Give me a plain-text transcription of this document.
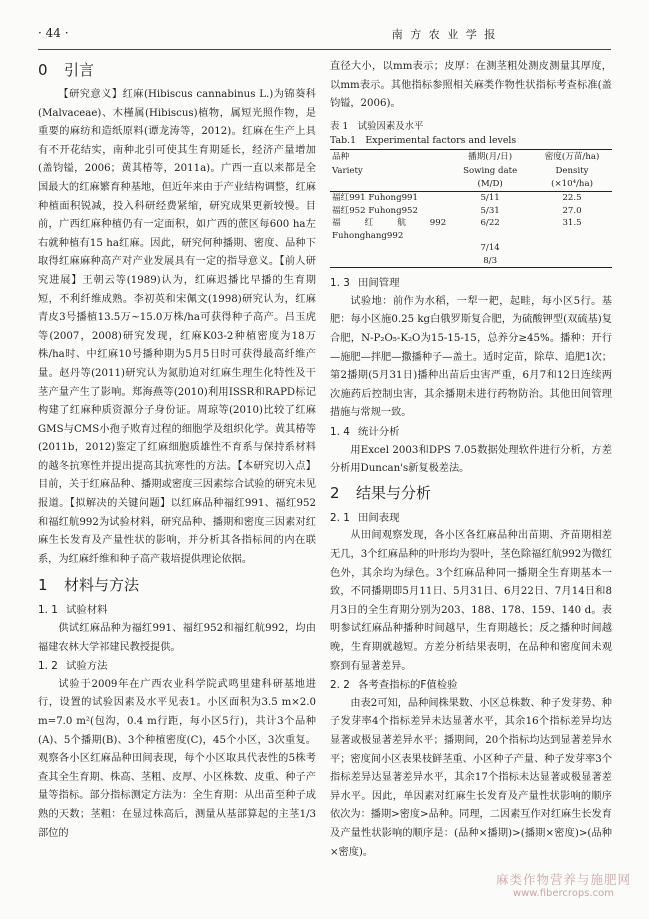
· 44 ·	南 方 农 业 学 报
0 引言

【研究意义】红麻(Hibiscus cannabinus L.)为锦葵科(Malvaceae)、木槿属(Hibiscus)植物，属短光照作物，是重要的麻纺和造纸原料(谭龙涛等，2012)。红麻在生产上具有不开花结实，南种北引可使其生育期延长，经济产量增加(盖钧镒，2006；黄其椿等，2011a)。广西一直以来都是全国最大的红麻繁育种基地，但近年来由于产业结构调整，红麻种植面积锐减，投入科研经费紧缩，研究成果更新较慢。目前，广西红麻种植仍有一定面积，如广西的蔗区每600 ha左右就种植有15 ha红麻。因此，研究何种播期、密度、品种下取得红麻麻种高产对产业发展具有一定的指导意义。【前人研究进展】王朝云等(1989)认为，红麻迟播比早播的生育期短，不利纤维成熟。李初英和宋佩文(1998)研究认为，红麻青皮3号播植13.5万~15.0万株/ha可获得种子高产。吕玉虎等(2007，2008)研究发现，红麻K03-2种植密度为18万株/ha时、中红麻10号播种期为5月5日时可获得最高纤维产量。赵丹等(2011)研究认为氮肋迫对红麻生理生化特性及干茎产量产生了影响。郑海燕等(2010)利用ISSR和RAPD标记构建了红麻种质资源分子身份证。周琼等(2010)比较了红麻GMS与CMS小孢子败育过程的细胞学及组织化学。黄其椿等(2011b，2012)鉴定了红麻细胞质雄性不育系与保持系材料的越冬抗寒性并提出提高其抗寒性的方法。【本研究切入点】目前，关于红麻品种、播期或密度三因素综合试验的研究未见报道。【拟解决的关键问题】以红麻品种福红991、福红952和福红航992为试验材料，研究品种、播期和密度三因素对红麻生长发育及产量性状的影响，并分析其各指标间的内在联系，为红麻纤维和种子高产栽培提供理论依据。

1 材料与方法
1. 1 试验材料

供试红麻品种为福红991、福红952和福红航992，均由福建农林大学祁建民教授提供。

1. 2 试验方法

试验于2009年在广西农业科学院武鸣里建科研基地进行，设置的试验因素及水平见表1。小区面积为3.5 m×2.0 m=7.0 m²(包沟，0.4 m行距，每小区5行)，共计3个品种(A)、5个播期(B)、3个种植密度(C)，45个小区，3次重复。观察各小区红麻品种田间表现，每个小区取具代表性的5株考查其全生育期、株高、茎粗、皮厚、小区株数、皮重、种子产量等指标。部分指标测定方法为：全生育期：从出苗至种子成熟的天数；茎粗：在显过株高后，测量从基部算起的主茎1/3部位的

直径大小，以mm表示；皮厚：在测茎粗处测皮测量其厚度，以mm表示。其他指标参照相关麻类作物性状指标考查标准(盖钧镒，2006)。

表 1　试验因素及水平
Tab.1　Experimental factors and levels
品种	播期(月/日)	密度(万苗/ha)
Variety	Sowing date (M/D)	Density (×10⁴/ha)
福红991 Fuhong991	5/11	22.5
福红952 Fuhong952	5/31	27.0
福红航992 Fuhonghang992	6/22	31.5
	7/14	
	8/3	
1. 3 田间管理

试验地：前作为水稻，一犁一耙，起畦，每小区5行。基肥：每小区施0.25 kg白俄罗斯复合肥，为硫酸钾型(双硫基)复合肥，N-P₂O₅-K₂O为15-15-15，总养分≥45%。播种：开行—施肥—拌肥—撒播种子—盖土。适时定苗，除草、追肥1次；第2播期(5月31日)播种出苗后虫害严重，6月7和12日连续两次施药后控制虫害，其余播期未进行药物防治。其他田间管理措施与常规一致。

1. 4 统计分析

用Excel 2003和DPS 7.05数据处理软件进行分析，方差分析用Duncan's新复极差法。

2 结果与分析
2. 1 田间表现

从田间观察发现，各小区各红麻品种出苗期、齐苗期相差无几，3个红麻品种的叶形均为裂叶，茎色除福红航992为微红色外，其余均为绿色。3个红麻品种同一播期全生育期基本一致，不同播期即5月11日、5月31日、6月22日、7月14日和8月3日的全生育期分别为203、188、178、159、140 d。表明参试红麻品种播种时间越早，生育期越长；反之播种时间越晚，生育期就越短。方差分析结果表明，在品种和密度间未观察到有显著差异。

2. 2 各考查指标的F值检验

由表2可知，品种间株果数、小区总株数、种子发芽势、种子发芽率4个指标差异未达显著水平，其余16个指标差异均达显著或极显著差异水平；播期间，20个指标均达到显著差异水平；密度间小区表果枝鲜茎重、小区种子产量、种子发芽率3个指标差异达显著差异水平，其余17个指标未达显著或极显著差异水平。因此，单因素对红麻生长发育及产量性状影响的顺序依次为：播期>密度>品种。同理，二因素互作对红麻生长发育及产量性状影响的顺序是：(品种×播期)>(播期×密度)>(品种×密度)。

麻类作物营养与施肥网
www.fibercrops.com
